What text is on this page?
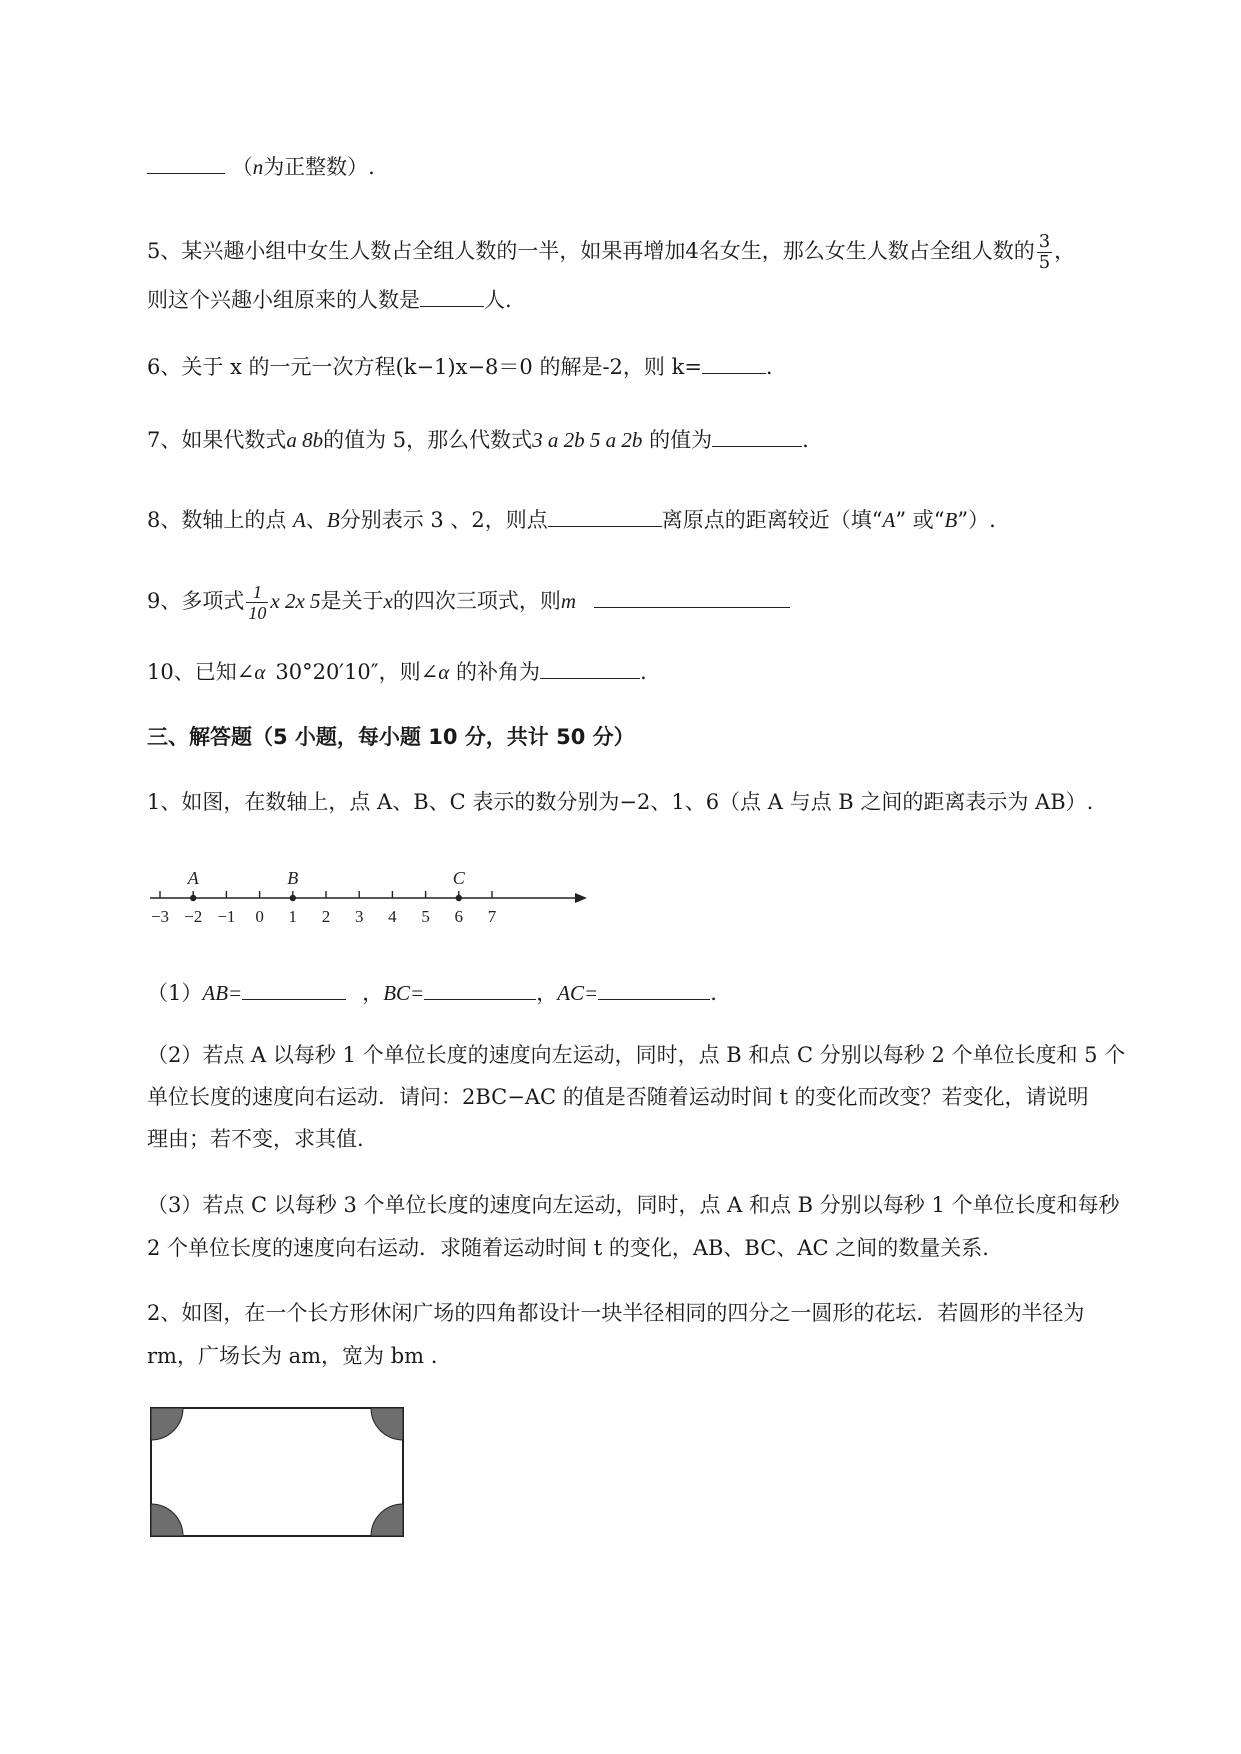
（n为正整数）.
5、某兴趣小组中女生人数占全组人数的一半，如果再增加4名女生，那么女生人数占全组人数的 $\frac{3}{5}$ ，
则这个兴趣小组原来的人数是	人.
6、关于 x 的一元一次方程(k−1)x−8＝0 的解是-2，则 k=	.
7、如果代数式a 8b的值为 5，那么代数式3 a 2b 5 a 2b 的值为	.
8、数轴上的点 A、B分别表示 3 、2，则点	离原点的距离较近（填“A” 或“B”）.
9、多项式 $\frac{1}{10}$ x 2x 5是关于x的四次三项式，则m
10、已知∠α 30°20′10″，则∠α 的补角为	.
三、解答题（5 小题，每小题 10 分，共计 50 分）
1、如图，在数轴上，点 A、B、C 表示的数分别为−2、1、6（点 A 与点 B 之间的距离表示为 AB）.
−3 −2 −1 0 1 2 3 4 5 6 7
A	B	C
（1）AB=	，BC=	，AC=	.
（2）若点 A 以每秒 1 个单位长度的速度向左运动，同时，点 B 和点 C 分别以每秒 2 个单位长度和 5 个
单位长度的速度向右运动．请问：2BC−AC 的值是否随着运动时间 t 的变化而改变？若变化，请说明
理由；若不变，求其值.
（3）若点 C 以每秒 3 个单位长度的速度向左运动，同时，点 A 和点 B 分别以每秒 1 个单位长度和每秒
2 个单位长度的速度向右运动．求随着运动时间 t 的变化，AB、BC、AC 之间的数量关系.
2、如图，在一个长方形休闲广场的四角都设计一块半径相同的四分之一圆形的花坛．若圆形的半径为
rm，广场长为 am，宽为 bm .
